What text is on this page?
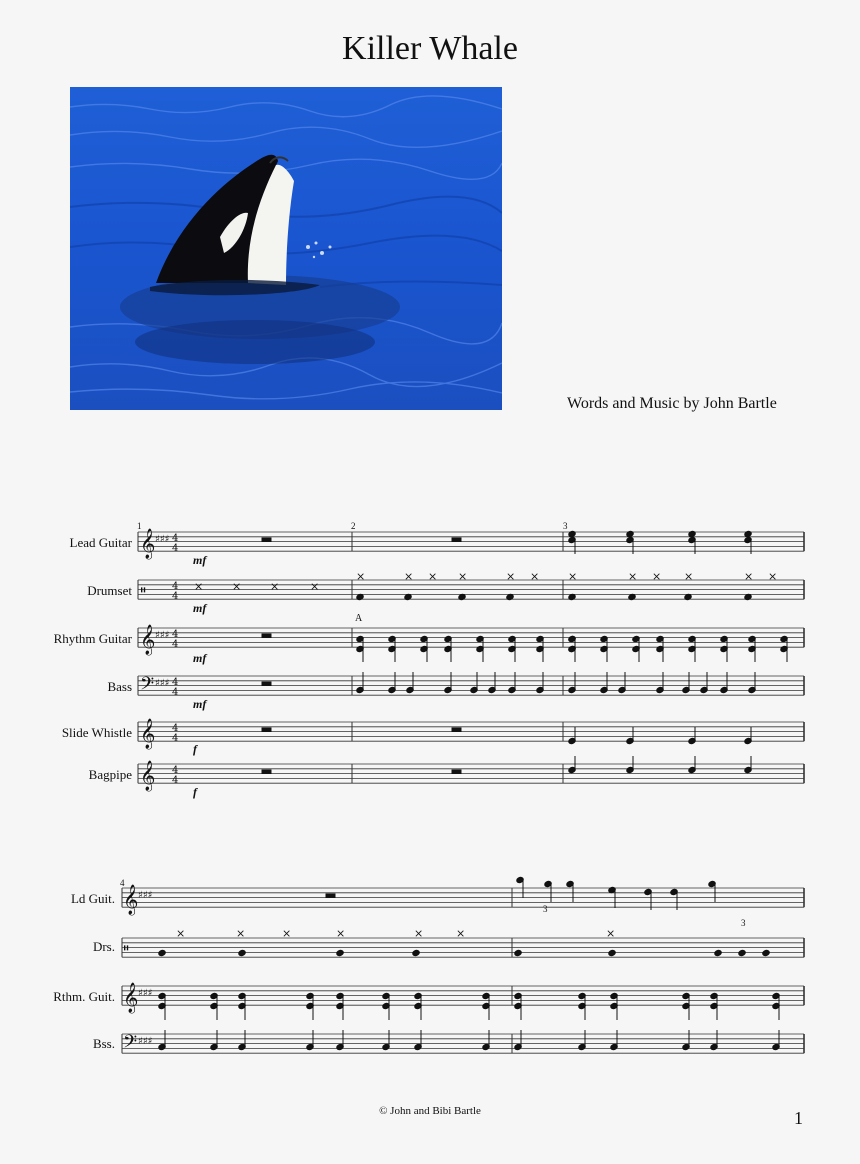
Killer Whale
Words and Music by John Bartle
Lead Guitar
Drumset
Rhythm Guitar
Bass
Slide Whistle
Bagpipe
mf
mf
mf
mf
f
f
1	2	3
A
Ld Guit.
Drs.
Rthm. Guit.
Bss.
4
3
3
𝄞 4
4
♯♯♯
𝄥	4
4
𝄞 4
4
♯♯♯
𝄢 4
4
♯♯♯
𝄞 4
4
𝄞 4
4
×	×	×	×
×	× × ×	× ×	×	× × ×	× ×
𝄞 ♯♯♯
𝄥
𝄞 ♯♯♯
𝄢 ♯♯♯
×	×	×	×	×	×	×
© John and Bibi Bartle	1
